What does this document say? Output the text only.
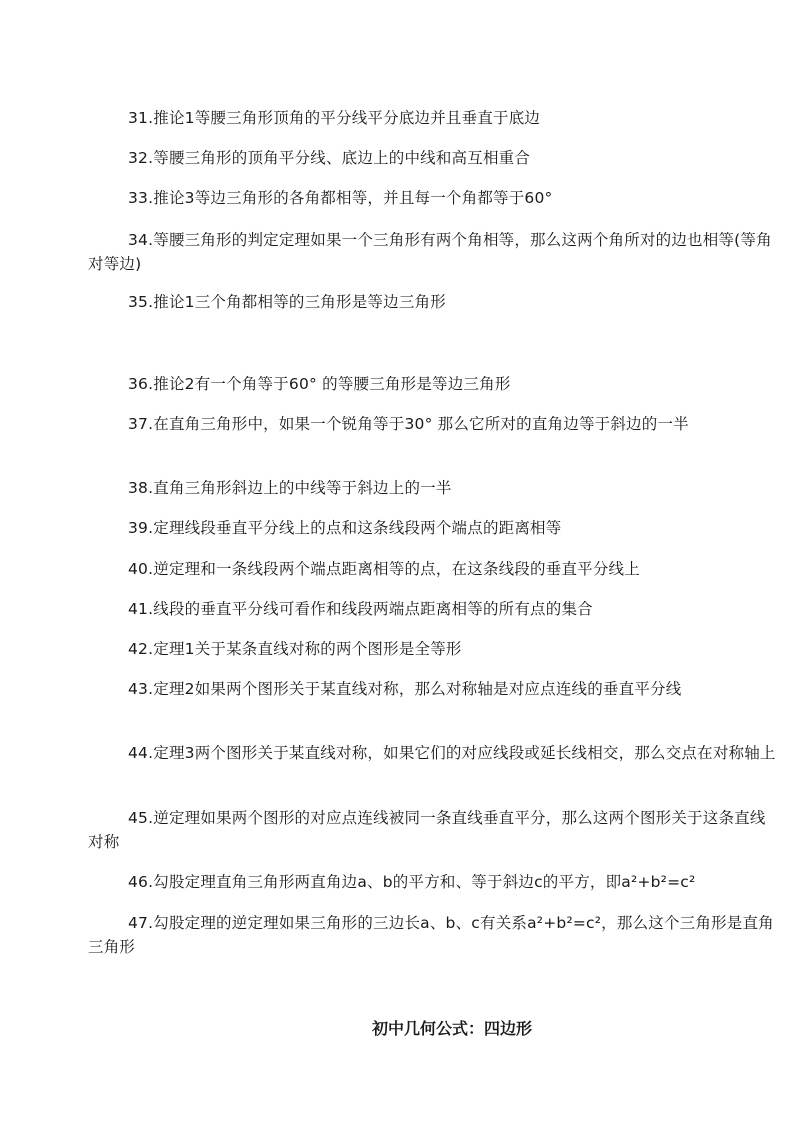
31.推论1等腰三角形顶角的平分线平分底边并且垂直于底边

32.等腰三角形的顶角平分线、底边上的中线和高互相重合

33.推论3等边三角形的各角都相等，并且每一个角都等于60°

34.等腰三角形的判定定理如果一个三角形有两个角相等，那么这两个角所对的边也相等(等角对等边)

35.推论1三个角都相等的三角形是等边三角形

36.推论2有一个角等于60° 的等腰三角形是等边三角形

37.在直角三角形中，如果一个锐角等于30° 那么它所对的直角边等于斜边的一半

38.直角三角形斜边上的中线等于斜边上的一半

39.定理线段垂直平分线上的点和这条线段两个端点的距离相等

40.逆定理和一条线段两个端点距离相等的点，在这条线段的垂直平分线上

41.线段的垂直平分线可看作和线段两端点距离相等的所有点的集合

42.定理1关于某条直线对称的两个图形是全等形

43.定理2如果两个图形关于某直线对称，那么对称轴是对应点连线的垂直平分线

44.定理3两个图形关于某直线对称，如果它们的对应线段或延长线相交，那么交点在对称轴上

45.逆定理如果两个图形的对应点连线被同一条直线垂直平分，那么这两个图形关于这条直线对称

46.勾股定理直角三角形两直角边a、b的平方和、等于斜边c的平方，即a²+b²=c²

47.勾股定理的逆定理如果三角形的三边长a、b、c有关系a²+b²=c²，那么这个三角形是直角三角形

初中几何公式：四边形
